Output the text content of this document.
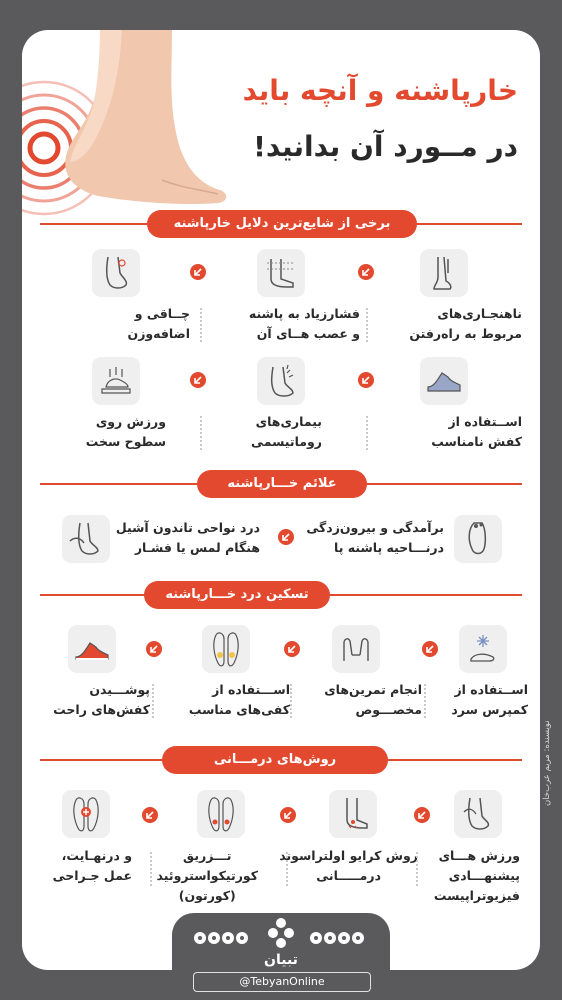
خارپاشنه و آنچه باید
در مــورد آن بدانید!
برخی از شایع‌ترین دلایل خارپاشنه
ناهنجـاری‌های
مربوط به راه‌رفتن
فشارزیاد به پاشنه
و عصب هــای آن
چــاقی و
اضافه‌وزن
اســتفاده از
کفش نامناسب
بیماری‌های
روماتیسمی
ورزش روی
سطوح سخت
علائم خـــارپاشنه
برآمدگی و بیرون‌زدگی
درنـــاحیه پاشنه پا
درد نواحی تاندون آشیل
هنگام لمس یا فشـار
تسکین درد خـــارپاشنه
اســتفاده از
کمپرس سرد
انجام تمرین‌های
مخصـــوص
اســـتفاده از
کفی‌های مناسب
پوشـــیدن
کفش‌های راحت
روش‌های درمـــانی
ورزش هـــای
پیشنهـــادی
فیزیوتراپیست
روش کرایو اولتراسوند
درمـــــانی
تـــزریق
کورتیکواستروئید
(کورتون)
و درنهـایت،
عمل جـراحی
تبیان
@TebyanOnline
نویسنده: مریم عرب‌خان
